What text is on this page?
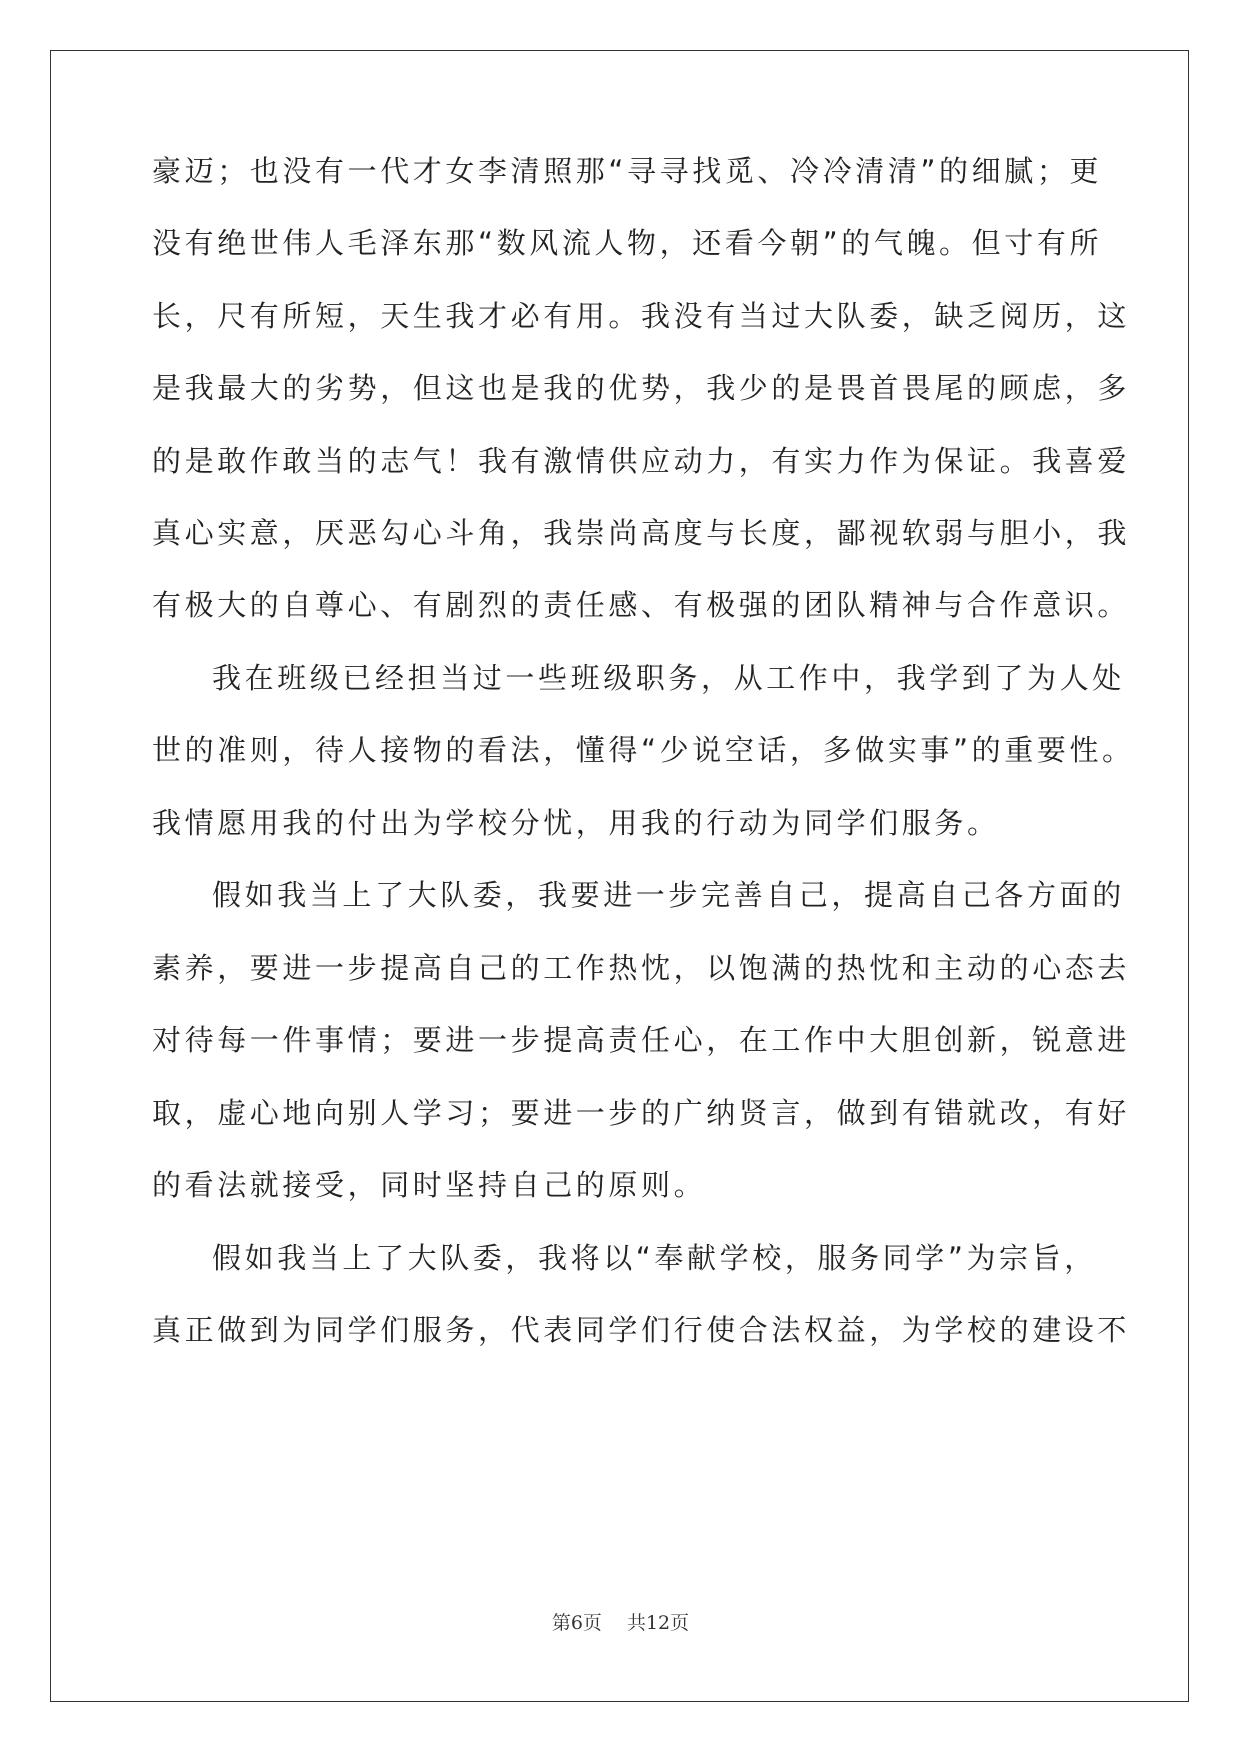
豪迈；也没有一代才女李清照那“寻寻找觅、冷冷清清”的细腻；更
没有绝世伟人毛泽东那“数风流人物，还看今朝”的气魄。但寸有所
长，尺有所短，天生我才必有用。我没有当过大队委，缺乏阅历，这
是我最大的劣势，但这也是我的优势，我少的是畏首畏尾的顾虑，多
的是敢作敢当的志气！我有激情供应动力，有实力作为保证。我喜爱
真心实意，厌恶勾心斗角，我崇尚高度与长度，鄙视软弱与胆小，我
有极大的自尊心、有剧烈的责任感、有极强的团队精神与合作意识。
我在班级已经担当过一些班级职务，从工作中，我学到了为人处
世的准则，待人接物的看法，懂得“少说空话，多做实事”的重要性。
我情愿用我的付出为学校分忧，用我的行动为同学们服务。
假如我当上了大队委，我要进一步完善自己，提高自己各方面的
素养，要进一步提高自己的工作热忱，以饱满的热忱和主动的心态去
对待每一件事情；要进一步提高责任心，在工作中大胆创新，锐意进
取，虚心地向别人学习；要进一步的广纳贤言，做到有错就改，有好
的看法就接受，同时坚持自己的原则。
假如我当上了大队委，我将以“奉献学校，服务同学”为宗旨，
真正做到为同学们服务，代表同学们行使合法权益，为学校的建设不
第6页　 共12页
